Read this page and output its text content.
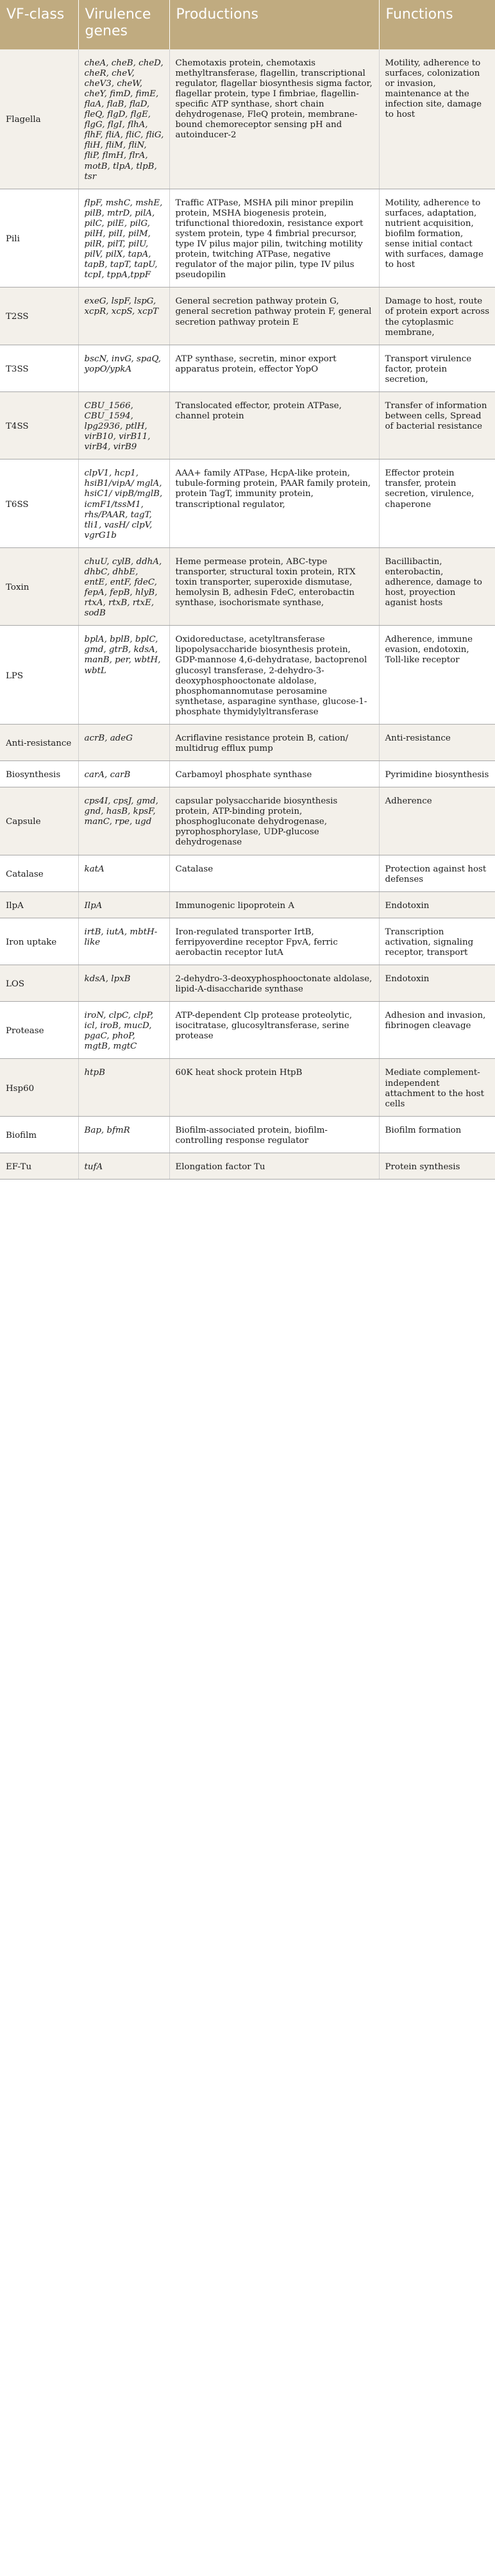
VF-class	Virulence genes	Productions	Functions
Flagella	cheA, cheB, cheD, cheR, cheV, cheV3, cheW, cheY, fimD, fimE, flaA, flaB, flaD, fleQ, flgD, flgE, flgG, flgI, flhA, flhF, fliA, fliC, fliG, fliH, fliM, fliN, fliP, flmH, flrA, motB, tlpA, tlpB, tsr	Chemotaxis protein, chemotaxis methyltransferase, flagellin, transcriptional regulator, flagellar biosynthesis sigma factor, flagellar protein, type I fimbriae, flagellin-specific ATP synthase, short chain dehydrogenase, FleQ protein, membrane-bound chemoreceptor sensing pH and autoinducer-2	Motility, adherence to surfaces, colonization or invasion, maintenance at the infection site, damage to host
Pili	flpF, mshC, mshE, pilB, mtrD, pilA, pilC, pilE, pilG, pilH, pilI, pilM, pilR, pilT, pilU, pilV, pilX, tapA, tapB, tapT, tapU, tcpI, tppA,tppF	Traffic ATPase, MSHA pili minor prepilin protein, MSHA biogenesis protein, trifunctional thioredoxin, resistance export system protein, type 4 fimbrial precursor, type IV pilus major pilin, twitching motility protein, twitching ATPase, negative regulator of the major pilin, type IV pilus pseudopilin	Motility, adherence to surfaces, adaptation, nutrient acquisition, biofilm formation, sense initial contact with surfaces, damage to host
T2SS	exeG, lspF, lspG, xcpR, xcpS, xcpT	General secretion pathway protein G, general secretion pathway protein F, general secretion pathway protein E	Damage to host, route of protein export across the cytoplasmic membrane,
T3SS	bscN, invG, spaQ, yopO/ypkA	ATP synthase, secretin, minor export apparatus protein, effector YopO	Transport virulence factor, protein secretion,
T4SS	CBU_1566, CBU_1594, lpg2936, ptlH, virB10, virB11, virB4, virB9	Translocated effector, protein ATPase, channel protein	Transfer of information between cells, Spread of bacterial resistance
T6SS	clpV1, hcp1, hsiB1/vipA/ mglA, hsiC1/ vipB/mglB, icmF1/tssM1, rhs/PAAR, tagT, tli1, vasH/ clpV, vgrG1b	AAA+ family ATPase, HcpA-like protein, tubule-forming protein, PAAR family protein, protein TagT, immunity protein, transcriptional regulator,	Effector protein transfer, protein secretion, virulence, chaperone
Toxin	chuU, cylB, ddhA, dhbC, dhbE, entE, entF, fdeC, fepA, fepB, hlyB, rtxA, rtxB, rtxE, sodB	Heme permease protein, ABC-type transporter, structural toxin protein, RTX toxin transporter, superoxide dismutase, hemolysin B, adhesin FdeC, enterobactin synthase, isochorismate synthase,	Bacillibactin, enterobactin, adherence, damage to host, proyection aganist hosts
LPS	bplA, bplB, bplC, gmd, gtrB, kdsA, manB, per, wbtH, wbtL	Oxidoreductase, acetyltransferase lipopolysaccharide biosynthesis protein, GDP-mannose 4,6-dehydratase, bactoprenol glucosyl transferase, 2-dehydro-3-deoxyphosphooctonate aldolase, phosphomannomutase perosamine synthetase, asparagine synthase, glucose-1-phosphate thymidylyltransferase	Adherence, immune evasion, endotoxin, Toll-like receptor
Anti-resistance	acrB, adeG	Acriflavine resistance protein B, cation/ multidrug efflux pump	Anti-resistance
Biosynthesis	carA, carB	Carbamoyl phosphate synthase	Pyrimidine biosynthesis
Capsule	cps4I, cpsJ, gmd, gnd, hasB, kpsF, manC, rpe, ugd	capsular polysaccharide biosynthesis protein, ATP-binding protein, phosphogluconate dehydrogenase, pyrophosphorylase, UDP-glucose dehydrogenase	Adherence
Catalase	katA	Catalase	Protection against host defenses
IlpA	IlpA	Immunogenic lipoprotein A	Endotoxin
Iron uptake	irtB, iutA, mbtH-like	Iron-regulated transporter IrtB, ferripyoverdine receptor FpvA, ferric aerobactin receptor IutA	Transcription activation, signaling receptor, transport
LOS	kdsA, lpxB	2-dehydro-3-deoxyphosphooctonate aldolase, lipid-A-disaccharide synthase	Endotoxin
Protease	iroN, clpC, clpP, icl, iroB, mucD, pgaC, phoP, mgtB, mgtC	ATP-dependent Clp protease proteolytic, isocitratase, glucosyltransferase, serine protease	Adhesion and invasion, fibrinogen cleavage
Hsp60	htpB	60K heat shock protein HtpB	Mediate complement-independent attachment to the host cells
Biofilm	Bap, bfmR	Biofilm-associated protein, biofilm-controlling response regulator	Biofilm formation
EF-Tu	tufA	Elongation factor Tu	Protein synthesis
